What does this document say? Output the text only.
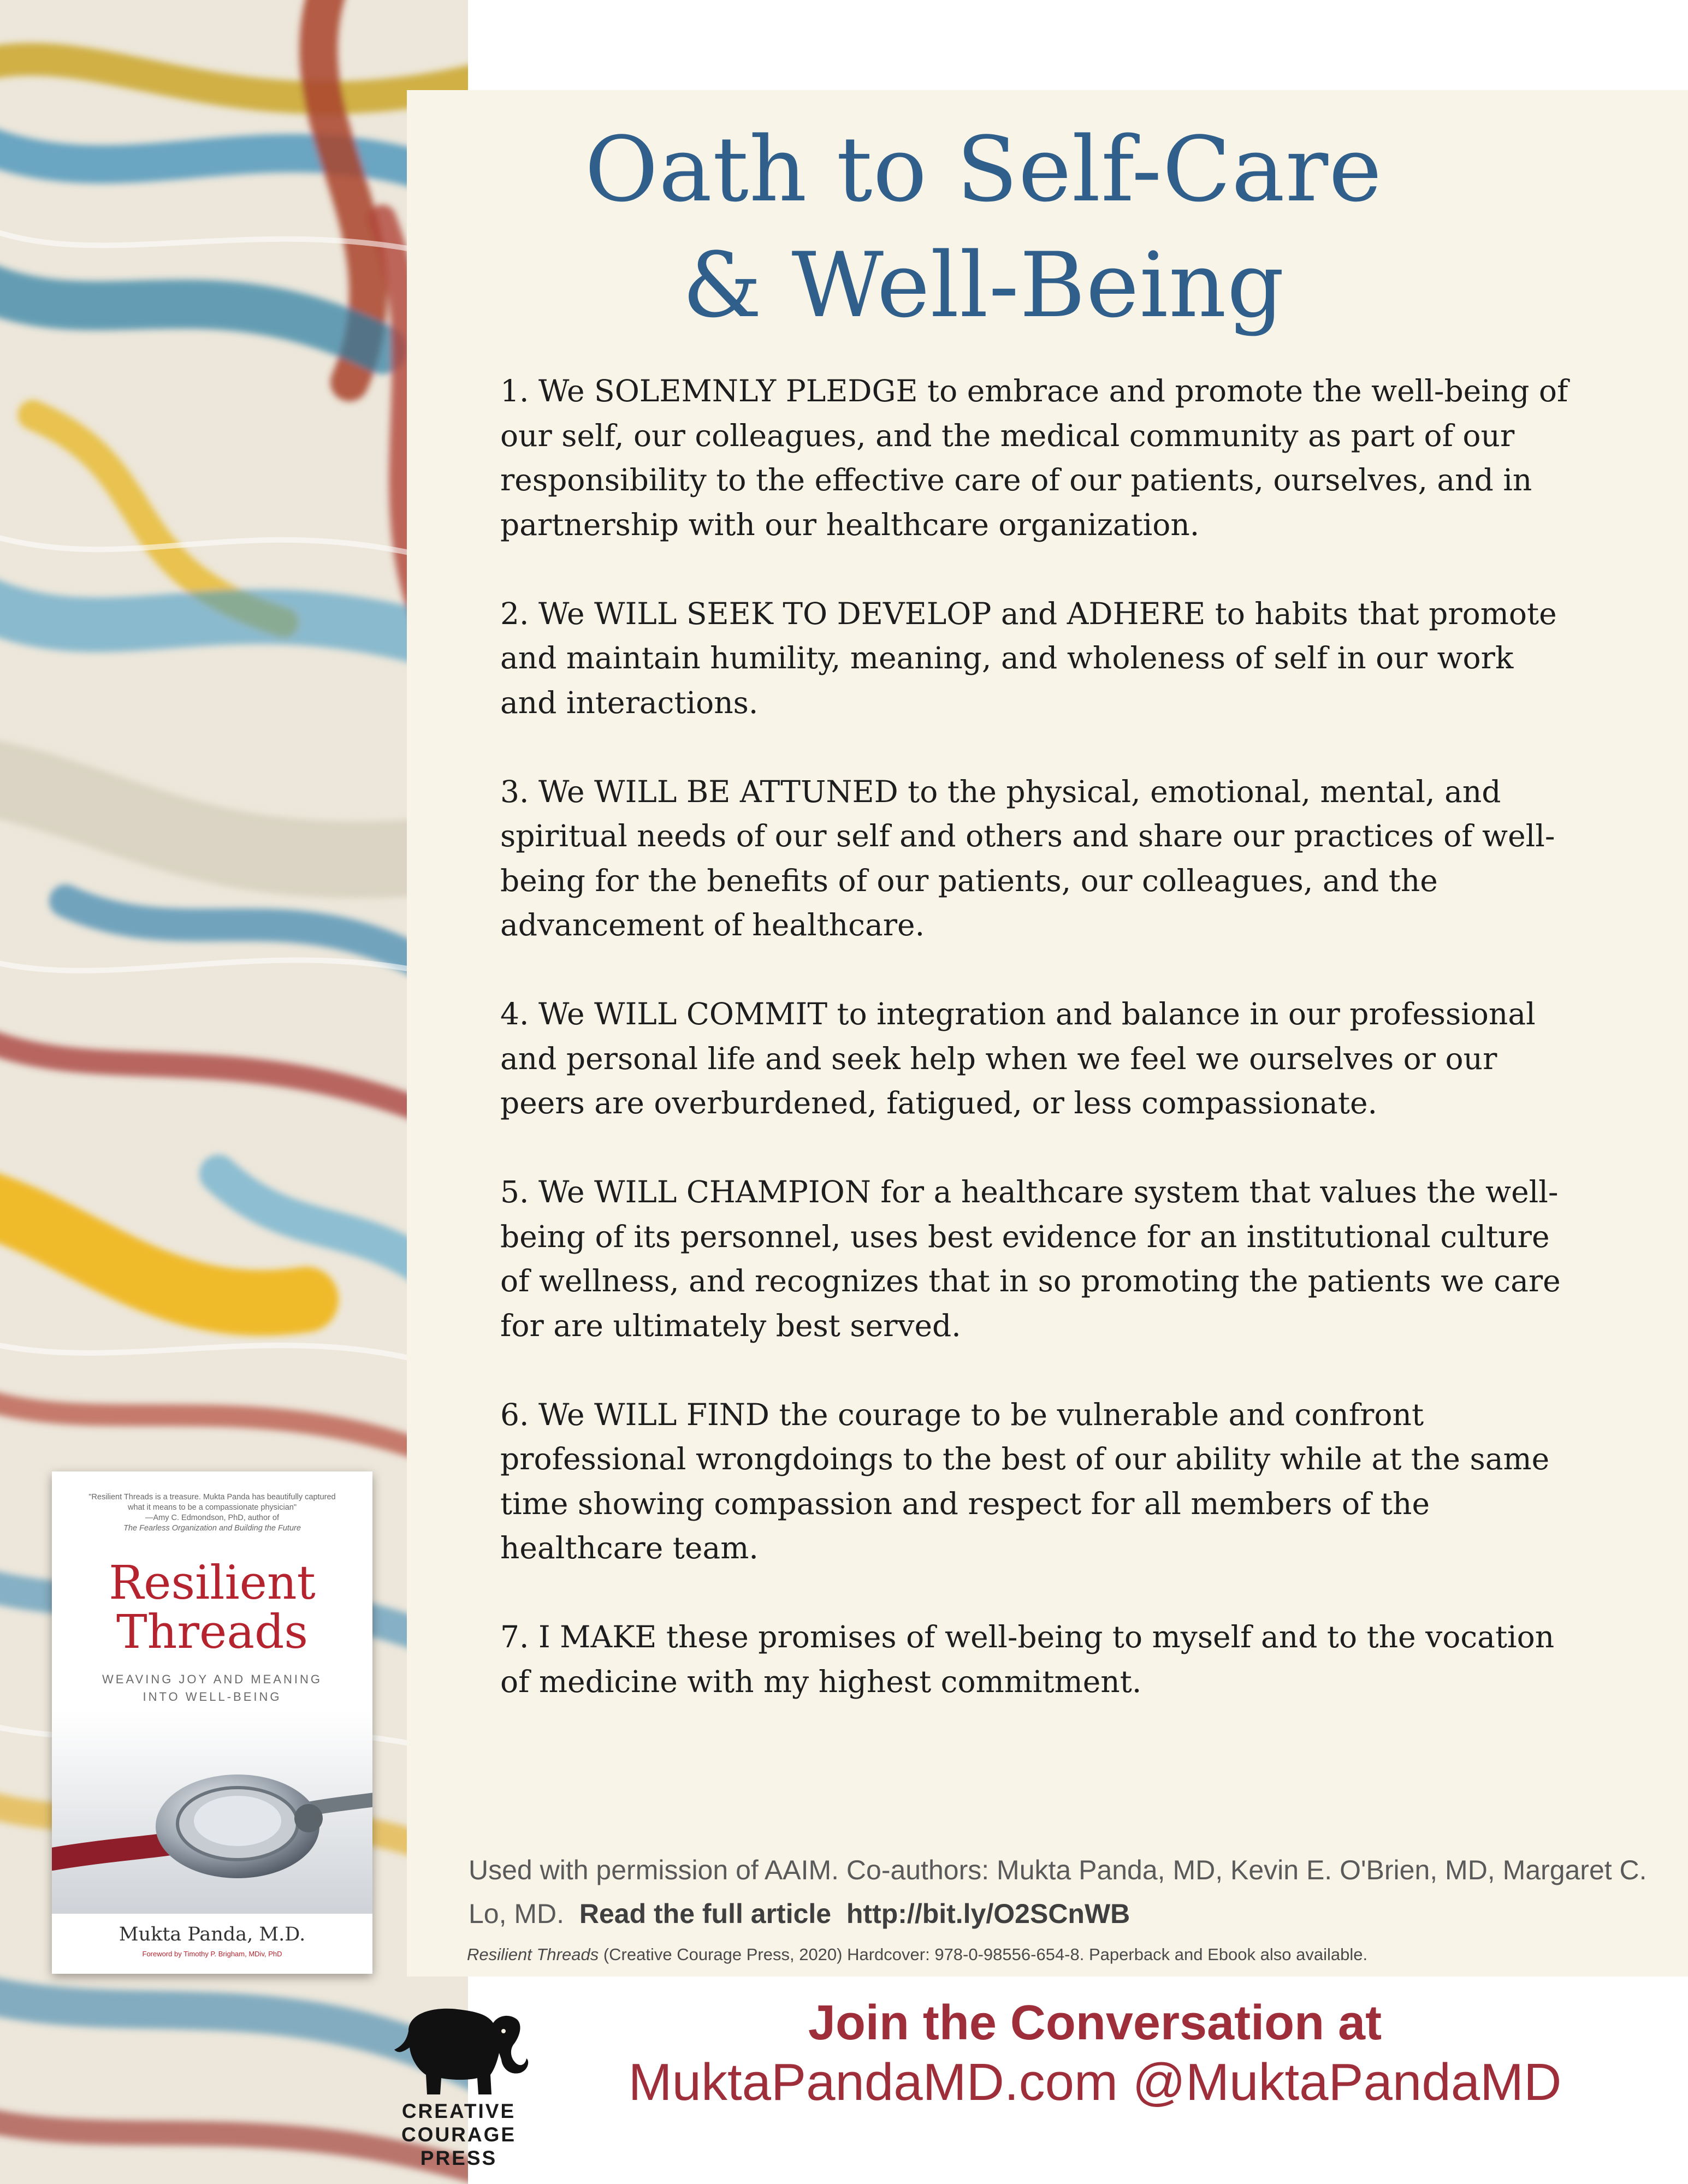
Oath to Self-Care
& Well-Being
1. We SOLEMNLY PLEDGE to embrace and promote the well-being of our self, our colleagues, and the medical community as part of our responsibility to the effective care of our patients, ourselves, and in partnership with our healthcare organization.
2. We WILL SEEK TO DEVELOP and ADHERE to habits that promote and maintain humility, meaning, and wholeness of self in our work and interactions.
3. We WILL BE ATTUNED to the physical, emotional, mental, and spiritual needs of our self and others and share our practices of well-being for the benefits of our patients, our colleagues, and the advancement of healthcare.
4. We WILL COMMIT to integration and balance in our professional and personal life and seek help when we feel we ourselves or our peers are overburdened, fatigued, or less compassionate.
5. We WILL CHAMPION for a healthcare system that values the well-being of its personnel, uses best evidence for an institutional culture of wellness, and recognizes that in so promoting the patients we care for are ultimately best served.
6. We WILL FIND the courage to be vulnerable and confront professional wrongdoings to the best of our ability while at the same time showing compassion and respect for all members of the healthcare team.
7. I MAKE these promises of well-being to myself and to the vocation of medicine with my highest commitment.

Used with permission of AAIM. Co-authors: Mukta Panda, MD, Kevin E. O'Brien, MD, Margaret C. Lo, MD. Read the full article http://bit.ly/O2SCnWB

Resilient Threads (Creative Courage Press, 2020) Hardcover: 978-0-98556-654-8. Paperback and Ebook also available.

"Resilient Threads is a treasure. Mukta Panda has beautifully captured
what it means to be a compassionate physician"
—Amy C. Edmondson, PhD, author of
The Fearless Organization and Building the Future
Resilient
Threads
WEAVING JOY AND MEANING
INTO WELL-BEING
Mukta Panda, M.D.
Foreword by Timothy P. Brigham, MDiv, PhD
CREATIVE
COURAGE
PRESS

Join the Conversation at

MuktaPandaMD.com @MuktaPandaMD
